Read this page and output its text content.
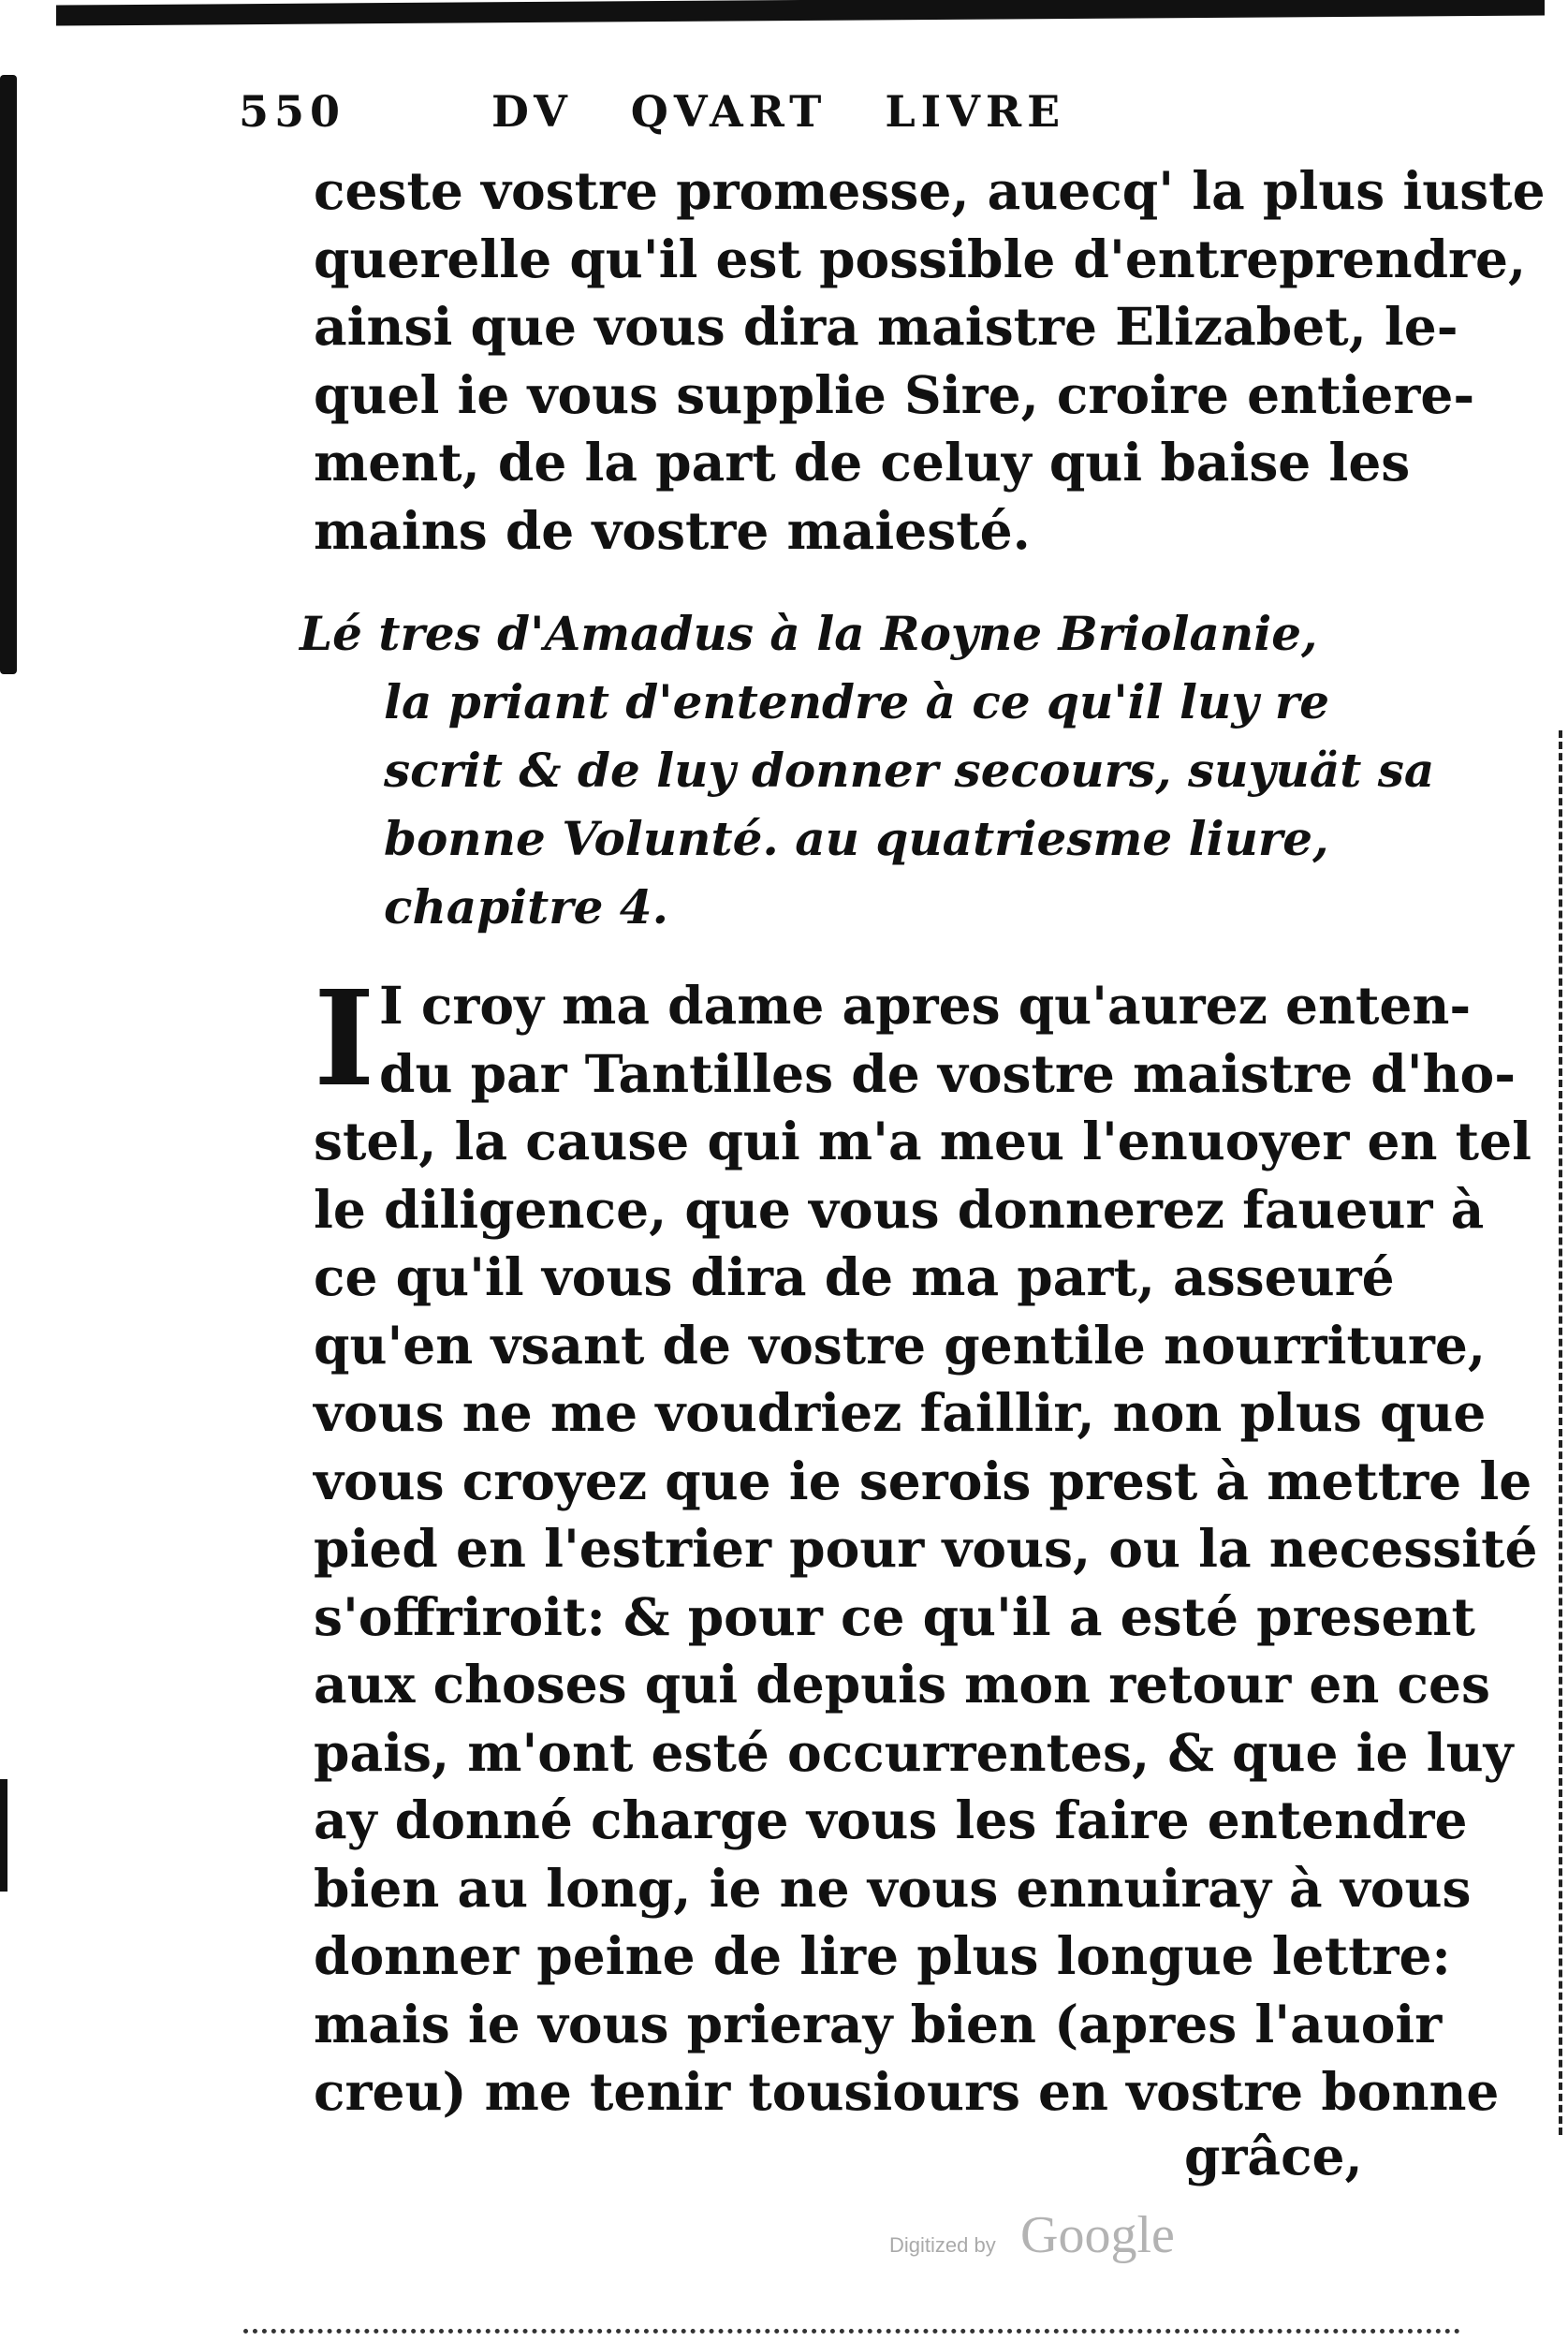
550	DV QVART LIVRE
ceste vostre promesse, auecq' la plus iuste
querelle qu'il est possible d'entreprendre,
ainsi que vous dira maistre Elizabet, le-
quel ie vous supplie Sire, croire entiere-
ment, de la part de celuy qui baise les
mains de vostre maiesté.
Lé tres d'Amadus à la Royne Briolanie,
la priant d'entendre à ce qu'il luy re
scrit & de luy donner secours, suyuät sa
bonne Volunté. au quatriesme liure,
chapitre 4.
I I croy ma dame apres qu'aurez enten-
du par Tantilles de vostre maistre d'ho-
stel, la cause qui m'a meu l'enuoyer en tel
le diligence, que vous donnerez faueur à
ce qu'il vous dira de ma part, asseuré
qu'en vsant de vostre gentile nourriture,
vous ne me voudriez faillir, non plus que
vous croyez que ie serois prest à mettre le
pied en l'estrier pour vous, ou la necessité
s'offriroit: & pour ce qu'il a esté present
aux choses qui depuis mon retour en ces
pais, m'ont esté occurrentes, & que ie luy
ay donné charge vous les faire entendre
bien au long, ie ne vous ennuiray à vous
donner peine de lire plus longue lettre:
mais ie vous prieray bien (apres l'auoir
creu) me tenir tousiours en vostre bonne
grâce,
Digitized by Google
